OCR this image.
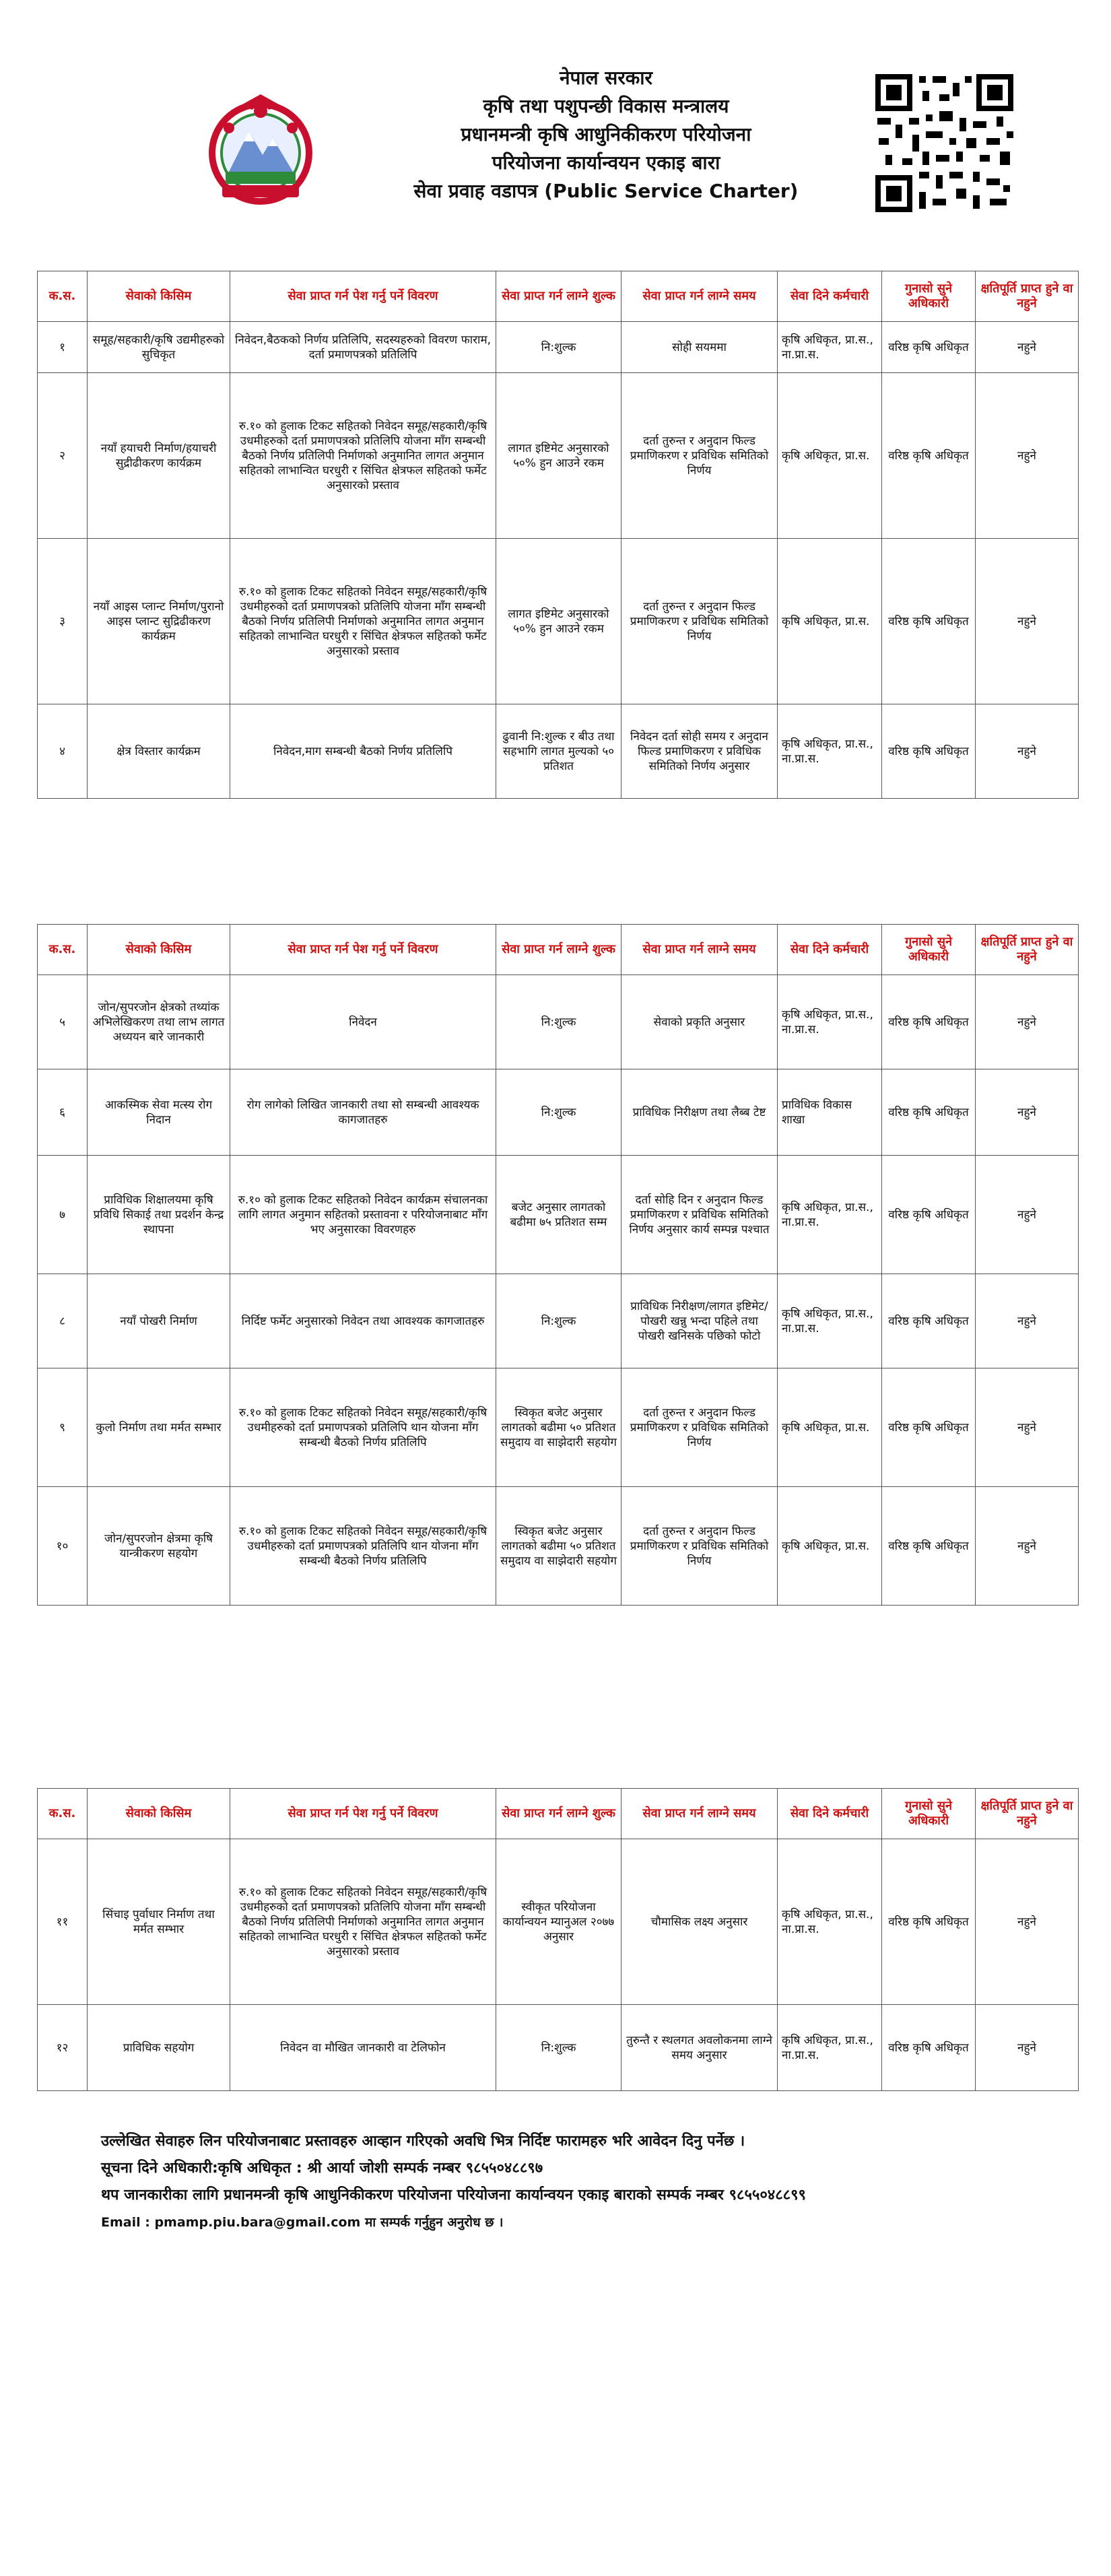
नेपाल सरकार
कृषि तथा पशुपन्छी विकास मन्त्रालय
प्रधानमन्त्री कृषि आधुनिकीकरण परियोजना
परियोजना कार्यान्वयन एकाइ बारा
सेवा प्रवाह वडापत्र (Public Service Charter)
क.स.	सेवाको किसिम	सेवा प्राप्त गर्न पेश गर्नु पर्ने विवरण	सेवा प्राप्त गर्न लाग्ने शुल्क	सेवा प्राप्त गर्न लाग्ने समय	सेवा दिने कर्मचारी	गुनासो सुने अधिकारी	क्षतिपूर्ति प्राप्त हुने वा नहुने
१	समूह/सहकारी/कृषि उद्यमीहरुको सुचिकृत	निवेदन,बैठकको निर्णय प्रतिलिपि, सदस्यहरुको विवरण फाराम, दर्ता प्रमाणपत्रको प्रतिलिपि	नि:शुल्क	सोही सयममा	कृषि अधिकृत, प्रा.स., ना.प्रा.स.	वरिष्ठ कृषि अधिकृत	नहुने
२	नयाँ हयाचरी निर्माण/हयाचरी सुद्रीढीकरण कार्यक्रम	रु.१० को हुलाक टिकट सहितको निवेदन समूह/सहकारी/कृषि उधमीहरुको दर्ता प्रमाणपत्रको प्रतिलिपि योजना माँग सम्बन्धी बैठको निर्णय प्रतिलिपी निर्माणको अनुमानित लागत अनुमान सहितको लाभान्वित घरधुरी र सिंचित क्षेत्रफल सहितको फर्मेट अनुसारको प्रस्ताव	लागत इष्टिमेट अनुसारको ५०% हुन आउने रकम	दर्ता तुरुन्त र अनुदान फिल्ड प्रमाणिकरण र प्रविधिक समितिको निर्णय	कृषि अधिकृत, प्रा.स.	वरिष्ठ कृषि अधिकृत	नहुने
३	नयाँ आइस प्लान्ट निर्माण/पुरानो आइस प्लान्ट सुद्रिढीकरण कार्यक्रम	रु.१० को हुलाक टिकट सहितको निवेदन समूह/सहकारी/कृषि उधमीहरुको दर्ता प्रमाणपत्रको प्रतिलिपि योजना माँग सम्बन्धी बैठको निर्णय प्रतिलिपी निर्माणको अनुमानित लागत अनुमान सहितको लाभान्वित घरधुरी र सिंचित क्षेत्रफल सहितको फर्मेट अनुसारको प्रस्ताव	लागत इष्टिमेट अनुसारको ५०% हुन आउने रकम	दर्ता तुरुन्त र अनुदान फिल्ड प्रमाणिकरण र प्रविधिक समितिको निर्णय	कृषि अधिकृत, प्रा.स.	वरिष्ठ कृषि अधिकृत	नहुने
४	क्षेत्र विस्तार कार्यक्रम	निवेदन,माग सम्बन्धी बैठको निर्णय प्रतिलिपि	ढुवानी नि:शुल्क र बीउ तथा सहभागि लागत मुल्यको ५० प्रतिशत	निवेदन दर्ता सोही समय र अनुदान फिल्ड प्रमाणिकरण र प्रविधिक समितिको निर्णय अनुसार	कृषि अधिकृत, प्रा.स., ना.प्रा.स.	वरिष्ठ कृषि अधिकृत	नहुने
क.स.	सेवाको किसिम	सेवा प्राप्त गर्न पेश गर्नु पर्ने विवरण	सेवा प्राप्त गर्न लाग्ने शुल्क	सेवा प्राप्त गर्न लाग्ने समय	सेवा दिने कर्मचारी	गुनासो सुने अधिकारी	क्षतिपूर्ति प्राप्त हुने वा नहुने
५	जोन/सुपरजोन क्षेत्रको तथ्यांक अभिलेखिकरण तथा लाभ लागत अध्ययन बारे जानकारी	निवेदन	नि:शुल्क	सेवाको प्रकृति अनुसार	कृषि अधिकृत, प्रा.स., ना.प्रा.स.	वरिष्ठ कृषि अधिकृत	नहुने
६	आकस्मिक सेवा मत्स्य रोग निदान	रोग लागेको लिखित जानकारी तथा सो सम्बन्धी आवश्यक कागजातहरु	नि:शुल्क	प्राविधिक निरीक्षण तथा लैब्ब टेष्ट	प्राविधिक विकास शाखा	वरिष्ठ कृषि अधिकृत	नहुने
७	प्राविधिक शिक्षालयमा कृषि प्रविधि सिकाई तथा प्रदर्शन केन्द्र स्थापना	रु.१० को हुलाक टिकट सहितको निवेदन कार्यक्रम संचालनका लागि लागत अनुमान सहितको प्रस्तावना र परियोजनाबाट माँग भए अनुसारका विवरणहरु	बजेट अनुसार लागतको बढीमा ७५ प्रतिशत सम्म	दर्ता सोहि दिन र अनुदान फिल्ड प्रमाणिकरण र प्रविधिक समितिको निर्णय अनुसार कार्य सम्पन्न पश्चात	कृषि अधिकृत, प्रा.स., ना.प्रा.स.	वरिष्ठ कृषि अधिकृत	नहुने
८	नयाँ पोखरी निर्माण	निर्दिष्ट फर्मेट अनुसारको निवेदन तथा आवश्यक कागजातहरु	नि:शुल्क	प्राविधिक निरीक्षण/लागत इष्टिमेट/पोखरी खन्नु भन्दा पहिले तथा पोखरी खनिसके पछिको फोटो	कृषि अधिकृत, प्रा.स., ना.प्रा.स.	वरिष्ठ कृषि अधिकृत	नहुने
९	कुलो निर्माण तथा मर्मत सम्भार	रु.१० को हुलाक टिकट सहितको निवेदन समूह/सहकारी/कृषि उधमीहरुको दर्ता प्रमाणपत्रको प्रतिलिपि थान योजना माँग सम्बन्धी बैठको निर्णय प्रतिलिपि	स्विकृत बजेट अनुसार लागतको बढीमा ५० प्रतिशत समुदाय वा साझेदारी सहयोग	दर्ता तुरुन्त र अनुदान फिल्ड प्रमाणिकरण र प्रविधिक समितिको निर्णय	कृषि अधिकृत, प्रा.स.	वरिष्ठ कृषि अधिकृत	नहुने
१०	जोन/सुपरजोन क्षेत्रमा कृषि यान्त्रीकरण सहयोग	रु.१० को हुलाक टिकट सहितको निवेदन समूह/सहकारी/कृषि उधमीहरुको दर्ता प्रमाणपत्रको प्रतिलिपि थान योजना माँग सम्बन्धी बैठको निर्णय प्रतिलिपि	स्विकृत बजेट अनुसार लागतको बढीमा ५० प्रतिशत समुदाय वा साझेदारी सहयोग	दर्ता तुरुन्त र अनुदान फिल्ड प्रमाणिकरण र प्रविधिक समितिको निर्णय	कृषि अधिकृत, प्रा.स.	वरिष्ठ कृषि अधिकृत	नहुने
क.स.	सेवाको किसिम	सेवा प्राप्त गर्न पेश गर्नु पर्ने विवरण	सेवा प्राप्त गर्न लाग्ने शुल्क	सेवा प्राप्त गर्न लाग्ने समय	सेवा दिने कर्मचारी	गुनासो सुने अधिकारी	क्षतिपूर्ति प्राप्त हुने वा नहुने
११	सिंचाइ पुर्वाधार निर्माण तथा मर्मत सम्भार	रु.१० को हुलाक टिकट सहितको निवेदन समूह/सहकारी/कृषि उधमीहरुको दर्ता प्रमाणपत्रको प्रतिलिपि योजना माँग सम्बन्धी बैठको निर्णय प्रतिलिपी निर्माणको अनुमानित लागत अनुमान सहितको लाभान्वित घरधुरी र सिंचित क्षेत्रफल सहितको फर्मेट अनुसारको प्रस्ताव	स्वीकृत परियोजना कार्यान्वयन म्यानुअल २०७७ अनुसार	चौमासिक लक्ष्य अनुसार	कृषि अधिकृत, प्रा.स., ना.प्रा.स.	वरिष्ठ कृषि अधिकृत	नहुने
१२	प्राविधिक सहयोग	निवेदन वा मौखित जानकारी वा टेलिफोन	नि:शुल्क	तुरुन्तै र स्थलगत अवलोकनमा लाग्ने समय अनुसार	कृषि अधिकृत, प्रा.स., ना.प्रा.स.	वरिष्ठ कृषि अधिकृत	नहुने
उल्लेखित सेवाहरु लिन परियोजनाबाट प्रस्तावहरु आव्हान गरिएको अवधि भित्र निर्दिष्ट फारामहरु भरि आवेदन दिनु पर्नेछ ।
सूचना दिने अधिकारी:कृषि अधिकृत : श्री आर्या जोशी सम्पर्क नम्बर ९८५५०४८८९७
थप जानकारीका लागि प्रधानमन्त्री कृषि आधुनिकीकरण परियोजना परियोजना कार्यान्वयन एकाइ बाराको सम्पर्क नम्बर ९८५५०४८८९९
Email : pmamp.piu.bara@gmail.com मा सम्पर्क गर्नुहुन अनुरोध छ ।
